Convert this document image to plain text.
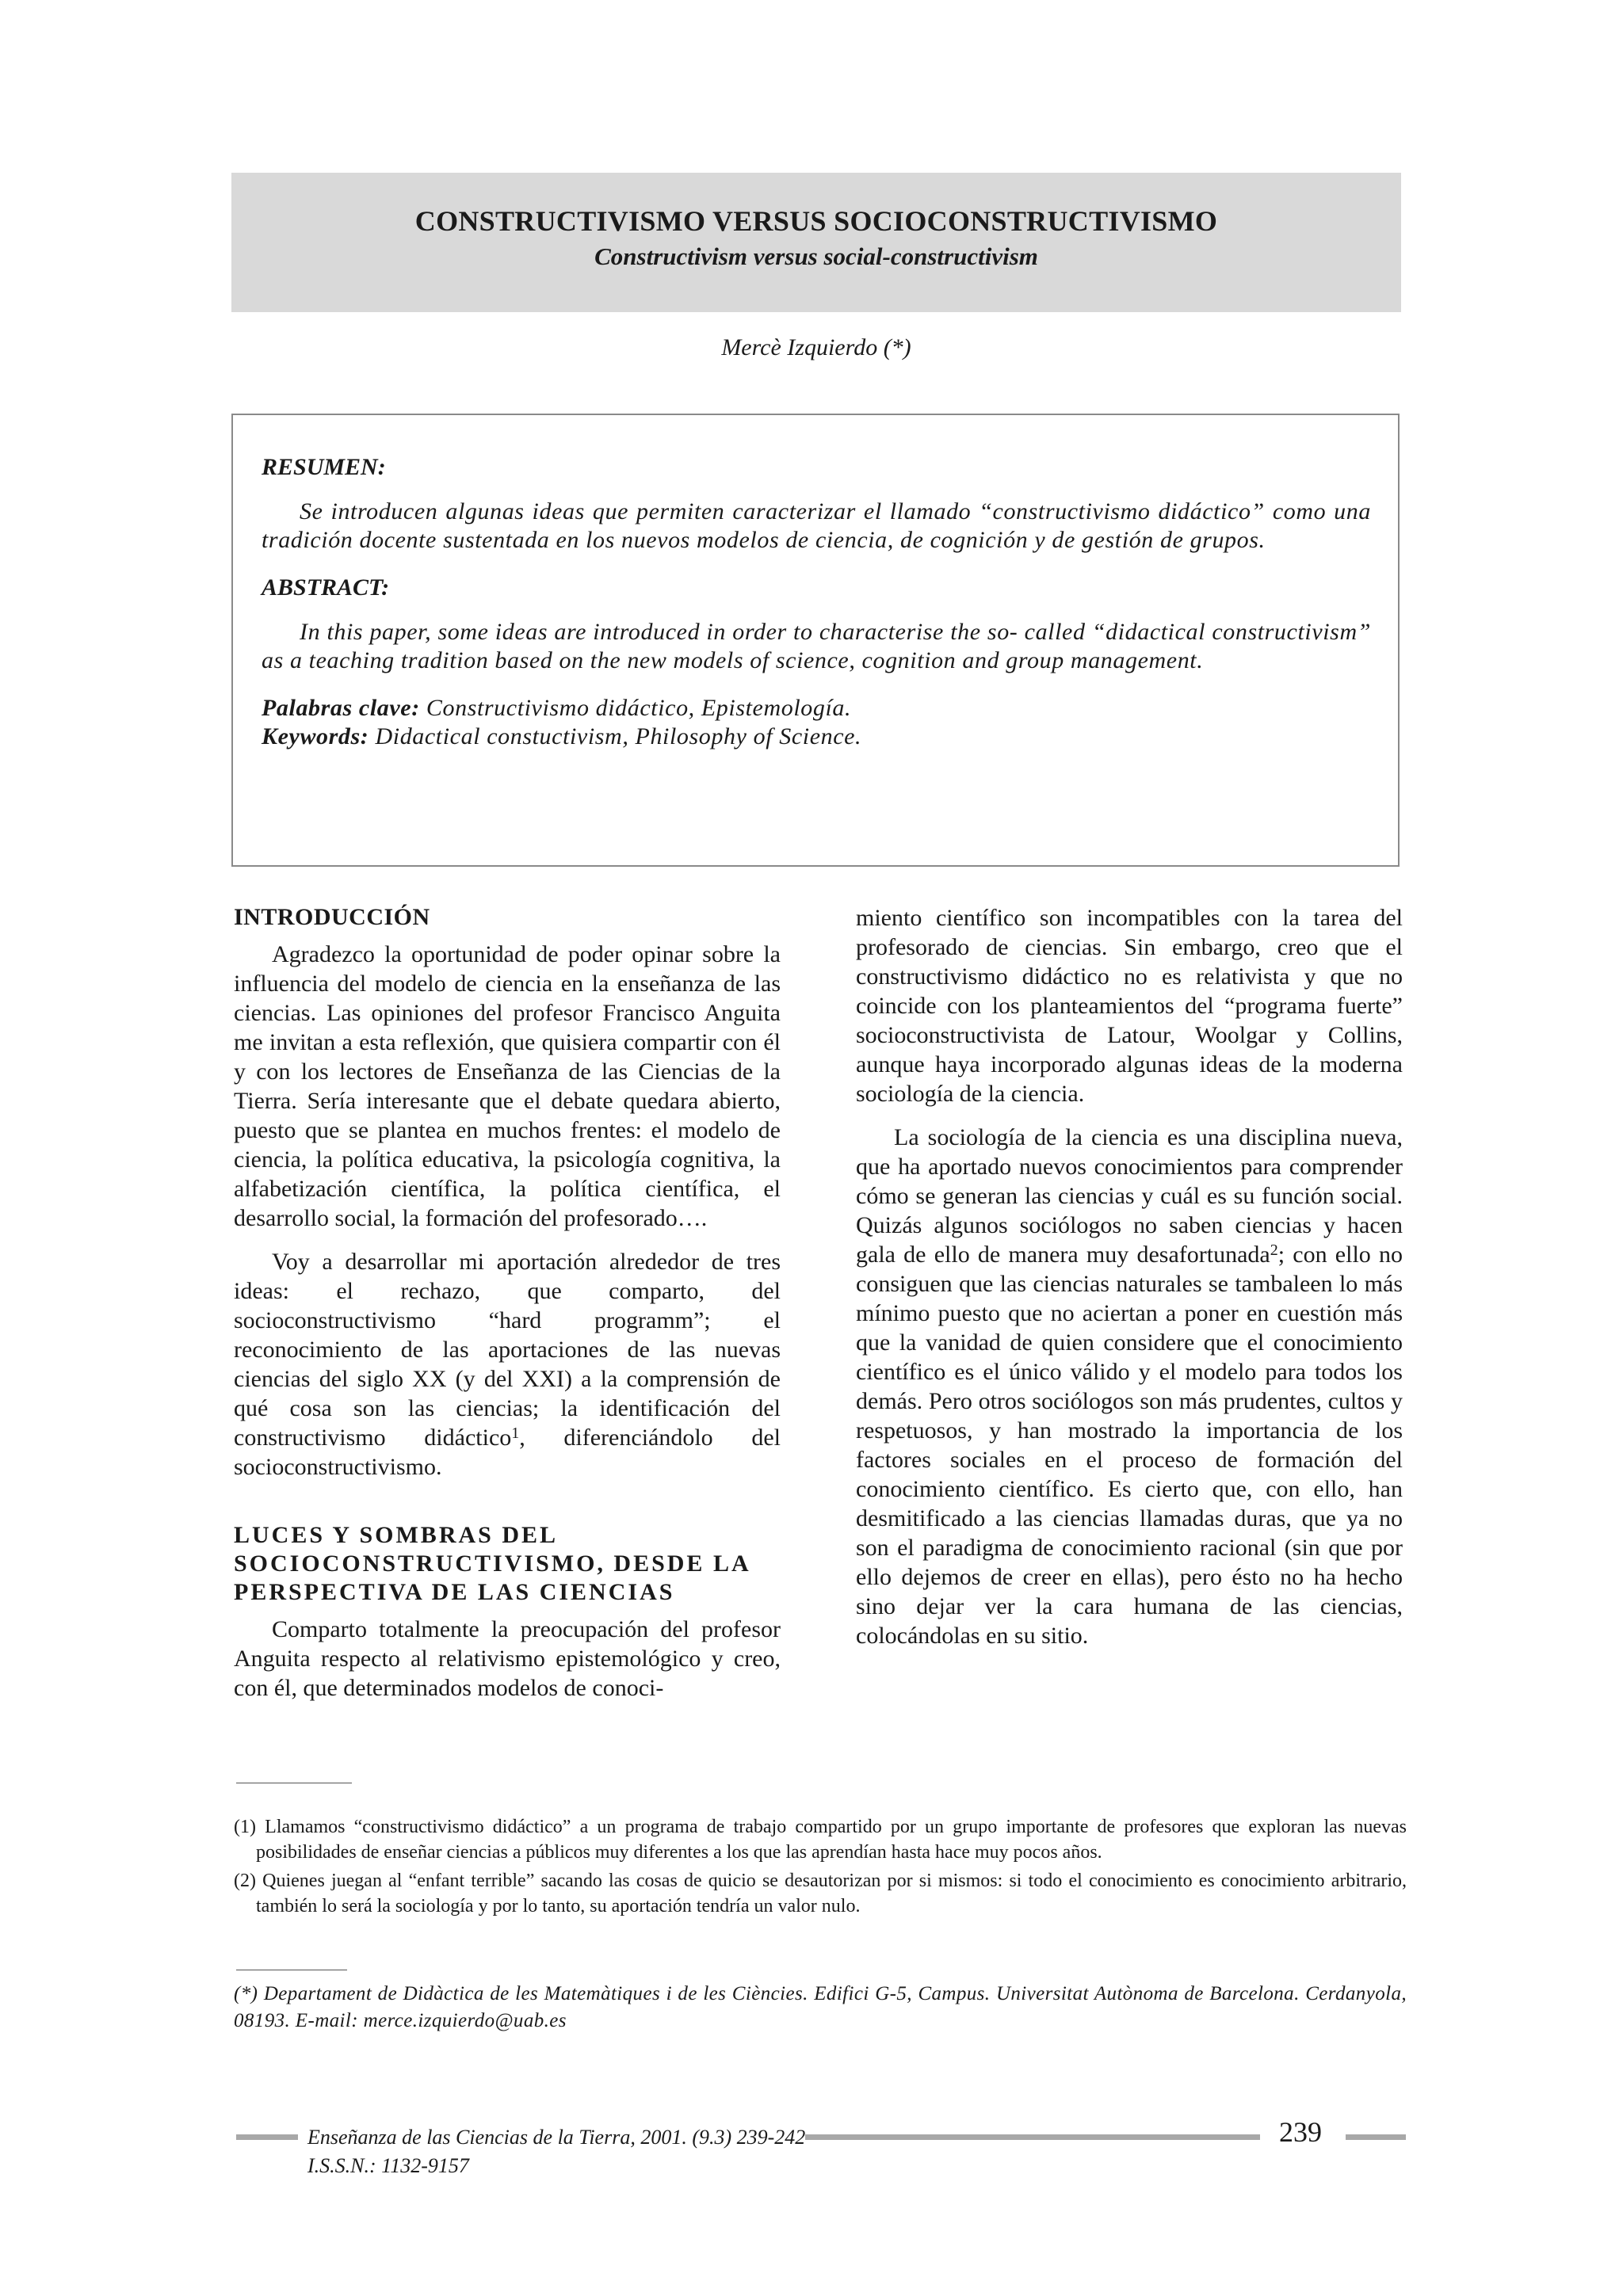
CONSTRUCTIVISMO VERSUS SOCIOCONSTRUCTIVISMO
Constructivism versus social-constructivism
Mercè Izquierdo (*)
RESUMEN:

Se introducen algunas ideas que permiten caracterizar el llamado “constructivismo didáctico” como una tradición docente sustentada en los nuevos modelos de ciencia, de cognición y de gestión de grupos.

ABSTRACT:

In this paper, some ideas are introduced in order to characterise the so- called “didactical constructivism” as a teaching tradition based on the new models of science, cognition and group management.

Palabras clave: Constructivismo didáctico, Epistemología.

Keywords: Didactical constuctivism, Philosophy of Science.

INTRODUCCIÓN

Agradezco la oportunidad de poder opinar sobre la influencia del modelo de ciencia en la enseñanza de las ciencias. Las opiniones del profesor Francisco Anguita me invitan a esta reflexión, que quisiera compartir con él y con los lectores de Enseñanza de las Ciencias de la Tierra. Sería interesante que el debate quedara abierto, puesto que se plantea en muchos frentes: el modelo de ciencia, la política educativa, la psicología cognitiva, la alfabetización científica, la política científica, el desarrollo social, la formación del profesorado….

Voy a desarrollar mi aportación alrededor de tres ideas: el rechazo, que comparto, del socioconstructivismo “hard programm”; el reconocimiento de las aportaciones de las nuevas ciencias del siglo XX (y del XXI) a la comprensión de qué cosa son las ciencias; la identificación del constructivismo didáctico$^1$, diferenciándolo del socioconstructivismo.

LUCES Y SOMBRAS DEL SOCIOCONSTRUCTIVISMO, DESDE LA PERSPECTIVA DE LAS CIENCIAS

Comparto totalmente la preocupación del profesor Anguita respecto al relativismo epistemológico y creo, con él, que determinados modelos de conoci-

miento científico son incompatibles con la tarea del profesorado de ciencias. Sin embargo, creo que el constructivismo didáctico no es relativista y que no coincide con los planteamientos del “programa fuerte” socioconstructivista de Latour, Woolgar y Collins, aunque haya incorporado algunas ideas de la moderna sociología de la ciencia.

La sociología de la ciencia es una disciplina nueva, que ha aportado nuevos conocimientos para comprender cómo se generan las ciencias y cuál es su función social. Quizás algunos sociólogos no saben ciencias y hacen gala de ello de manera muy desafortunada$^2$; con ello no consiguen que las ciencias naturales se tambaleen lo más mínimo puesto que no aciertan a poner en cuestión más que la vanidad de quien considere que el conocimiento científico es el único válido y el modelo para todos los demás. Pero otros sociólogos son más prudentes, cultos y respetuosos, y han mostrado la importancia de los factores sociales en el proceso de formación del conocimiento científico. Es cierto que, con ello, han desmitificado a las ciencias llamadas duras, que ya no son el paradigma de conocimiento racional (sin que por ello dejemos de creer en ellas), pero ésto no ha hecho sino dejar ver la cara humana de las ciencias, colocándolas en su sitio.

(1) Llamamos “constructivismo didáctico” a un programa de trabajo compartido por un grupo importante de profesores que exploran las nuevas posibilidades de enseñar ciencias a públicos muy diferentes a los que las aprendían hasta hace muy pocos años.

(2) Quienes juegan al “enfant terrible” sacando las cosas de quicio se desautorizan por si mismos: si todo el conocimiento es conocimiento arbitrario, también lo será la sociología y por lo tanto, su aportación tendría un valor nulo.

(*) Departament de Didàctica de les Matemàtiques i de les Ciències. Edifici G-5, Campus. Universitat Autònoma de Barcelona. Cerdanyola, 08193. E-mail: merce.izquierdo@uab.es
Enseñanza de las Ciencias de la Tierra, 2001. (9.3) 239-242
I.S.S.N.: 1132-9157
239
